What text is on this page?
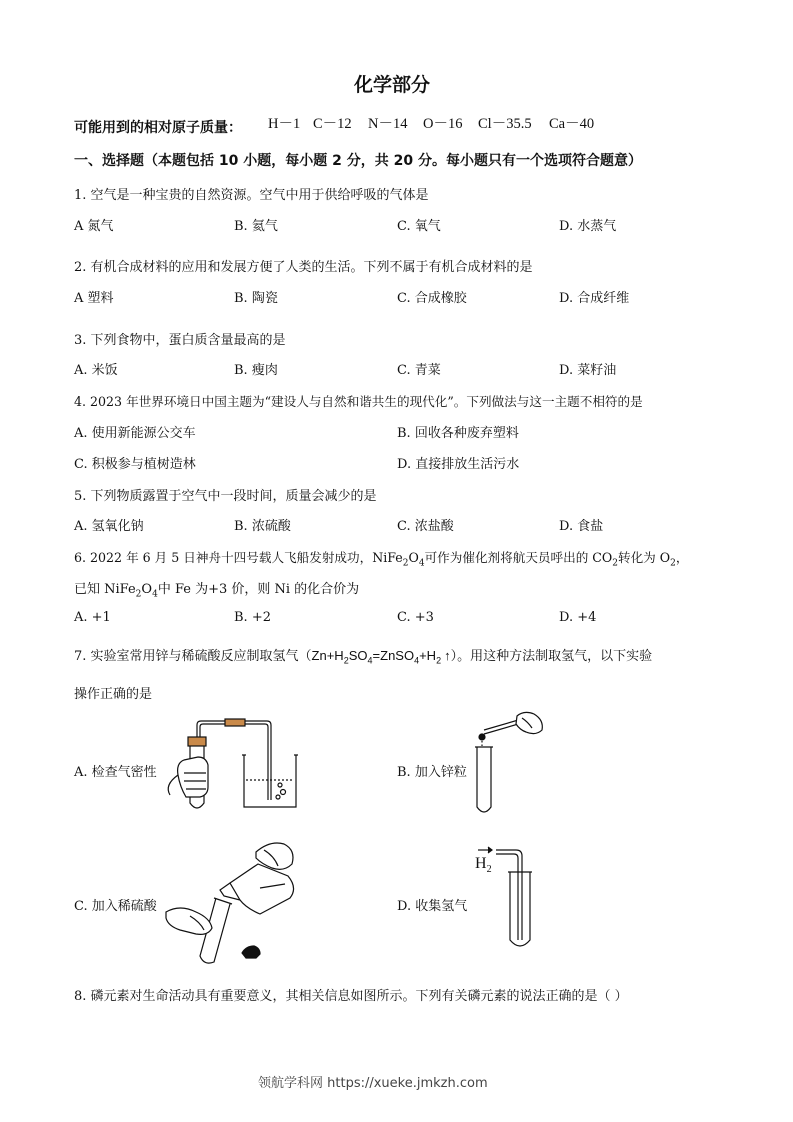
化学部分
可能用到的相对原子质量： H－1 C－12 N－14 O－16 Cl－35.5 Ca－40
一、选择题（本题包括 10 小题，每小题 2 分，共 20 分。每小题只有一个选项符合题意）
1. 空气是一种宝贵的自然资源。空气中用于供给呼吸的气体是
A 氮气	B. 氦气	C. 氧气	D. 水蒸气
2. 有机合成材料的应用和发展方便了人类的生活。下列不属于有机合成材料的是
A 塑料	B. 陶瓷	C. 合成橡胶	D. 合成纤维
3. 下列食物中，蛋白质含量最高的是
A. 米饭	B. 瘦肉	C. 青菜	D. 菜籽油
4. 2023 年世界环境日中国主题为“建设人与自然和谐共生的现代化”。下列做法与这一主题不相符的是
A. 使用新能源公交车	B. 回收各种废弃塑料
C. 积极参与植树造林	D. 直接排放生活污水
5. 下列物质露置于空气中一段时间，质量会减少的是
A. 氢氧化钠	B. 浓硫酸	C. 浓盐酸	D. 食盐
6. 2022 年 6 月 5 日神舟十四号载人飞船发射成功，$NiFe_2O_4$可作为催化剂将航天员呼出的 $CO_2$转化为 $O_2$，
已知 $NiFe_2O_4$中 Fe 为+3 价，则 Ni 的化合价为
A. +1	B. +2	C. +3	D. +4
7. 实验室常用锌与稀硫酸反应制取氢气（$Zn+H_2SO_4=ZnSO_4+H_2$ ↑）。用这种方法制取氢气，以下实验
操作正确的是
A. 检查气密性	B. 加入锌粒
C. 加入稀硫酸	D. 收集氢气
$H_2$
8. 磷元素对生命活动具有重要意义，其相关信息如图所示。下列有关磷元素的说法正确的是（ ）
领航学科网 https://xueke.jmkzh.com
